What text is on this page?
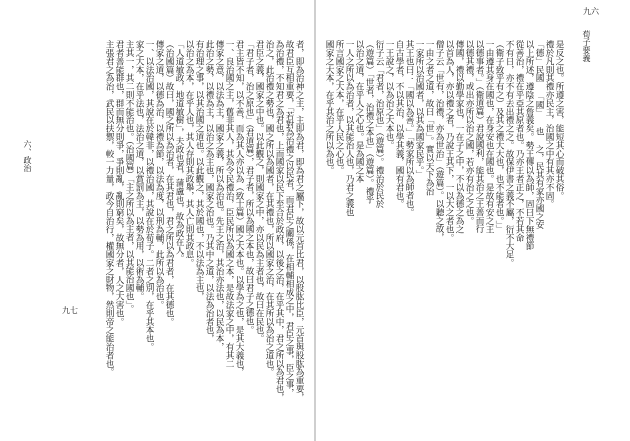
六、政治
九七	者，即為治神之主，主即為君，即為君之屬下，故以元首比君，以股肱比臣，元首與股肱為重要，
故君臣互相重要，「若對為治禮之以民者，而君臣之關係，在相輔相成之中，君臣之事，臣之事，
為治禮，不知君之為君也，上而國家以民下至合於政府，以後之治，在乎其中，君之所以為君也，
治之，此治禮之勢也，國之所以為國者，在其禮也，所以國家之治，在其所以為治之道也。
君臣之義，國家之中也。以此觀之，則國家之中，亦以民為主者也，故曰在民也。
「君子者，治之原也」（君道篇），君子者，所以為國之本也，故曰君子之德也。
君主皆不知，以不善，而為其人亦以為（致士篇）國之大本也。以學為之也，是其大義也，
一、良治國之主，舊非其人，其為令民禮治，臣民所以為國之本，是故法家之中，有其二
傳家之意，以法為主，國家之義，所以為治也。先王之治，其治亦法也，以民為本，
此治之勢，以禮為主，以治之為主也，國家之治也。乃其中之道，以法為治者也，
有治理之事，以其治國之道也。以此觀之，其於國也，不以法為主也，
以治之為本，在乎人也，其人存則其政舉，其人亡則其政息。
「人道敏政，地道敏樹」，夫政也者，蒲盧也，故為政在人。
（治國篇）故曰，國之所以為治者，在其君也，君之所以為君者，在其德也。
傳家之道，以德為治，以禮為節，以法為度，以刑為輔，此所以為治也。
一、以法治國，其說在於韓非，以禮治國，其說在於荀子。二者之別，在乎其本也。
家之大本，在乎法也，法治之道，以賞罰為主，以勢為用，以術為輔。
主其一，其二則不能治也。（治國篇）「主之所以為主者，以其能治國也」。
君者善能群也，群而無分則爭，爭則亂，亂則窮矣，故無分者，人之大害也。
主張君之為治，武民以扶禦，較一力量，政今自治行，權國家之財物，然則帝之能治者也。	荀子要義
九六
是反之也。所遵之害，能短其心而破其俗。
禮於凡則其禮亦民主，治國之中有其亦不固。
「德」民國 「國」 也 之，民其有家亦國之安
以上所述，遵陰之詹義矣。勢王傳以為師，固曰下無禮節
從善治，禮在乎亞其原者也。乃亦王者正之，不若其命
不有日，亦不有去出禮之之。故保伊書之義不屬，衍不大足。
（衛子致乎有之）及其之禮大大也，也不能者也。」」
一由遵其身在國也，在身安也在國也。是故有安之王
以德事者。」（衛道篇）君說國利，能其治之王善而行
以德其禮，或出亦所以治之國，若亦有治之之也。
傳國，禮以勤學家也，一在子之中，不以為德之為之
以首為人，亦以禮之者，乃說王其下，一以大之者也。
僧子云「世有，治禮，亦為世治」（遊篇）。以聽之故，
一由之者之道，故曰「世」。實以天下為治
一家所以治國者，以其為國家民乎。」
其王也曰：「國以為善。」「勢家所以為師者也。
自古學者，不以其治，以學其義，國有君也。
一王說之，以為治之大本也。
衍子云「君者，治原也」（遊篇）。禮治於民於
（遊篇）「世者，治禮之本也」（遊篇）。禮乎
以治之道，在乎人之心也。是為國之本
一人之所以為治者，以其能治人也，乃君之義也
所言國家之大本，在乎人民之心也。
國家之大本，在乎其治之所以為也。
